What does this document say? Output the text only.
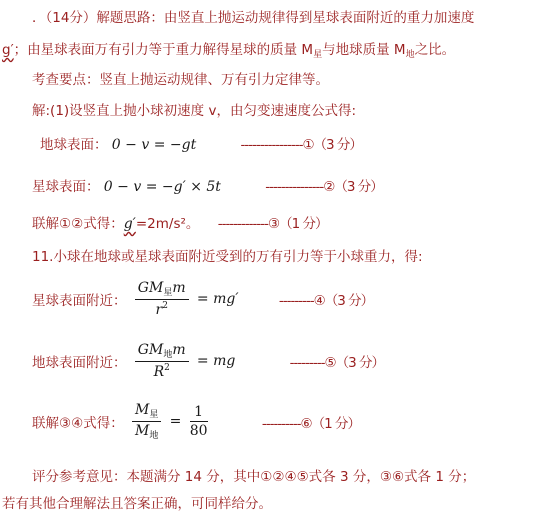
．（14分）解题思路：由竖直上抛运动规律得到星球表面附近的重力加速度
g′；由星球表面万有引力等于重力解得星球的质量 $M_星$与地球质量 $M_地$之比。
考查要点：竖直上抛运动规律、万有引力定律等。
解:(1)设竖直上抛小球初速度 v，由匀变速速度公式得:
地球表面： 0 − v = −gt	----------------①（3 分）
星球表面： 0 − v = −g′ × 5t	---------------②（3 分）
联解①②式得：g′=2m/s²。 -------------③（1 分）
11.小球在地球或星球表面附近受到的万有引力等于小球重力，得:
星球表面附近： $\frac{GM_星m}{r^2} = mg'$	---------④（3 分）
地球表面附近： $\frac{GM_地m}{R^2}$ = mg	---------⑤（3 分）
联解③④式得： $\frac{M_星}{M_地} = \frac{1}{80}$	----------⑥（1 分）
评分参考意见：本题满分 14 分，其中①②④⑤式各 3 分，③⑥式各 1 分；
若有其他合理解法且答案正确，可同样给分。
